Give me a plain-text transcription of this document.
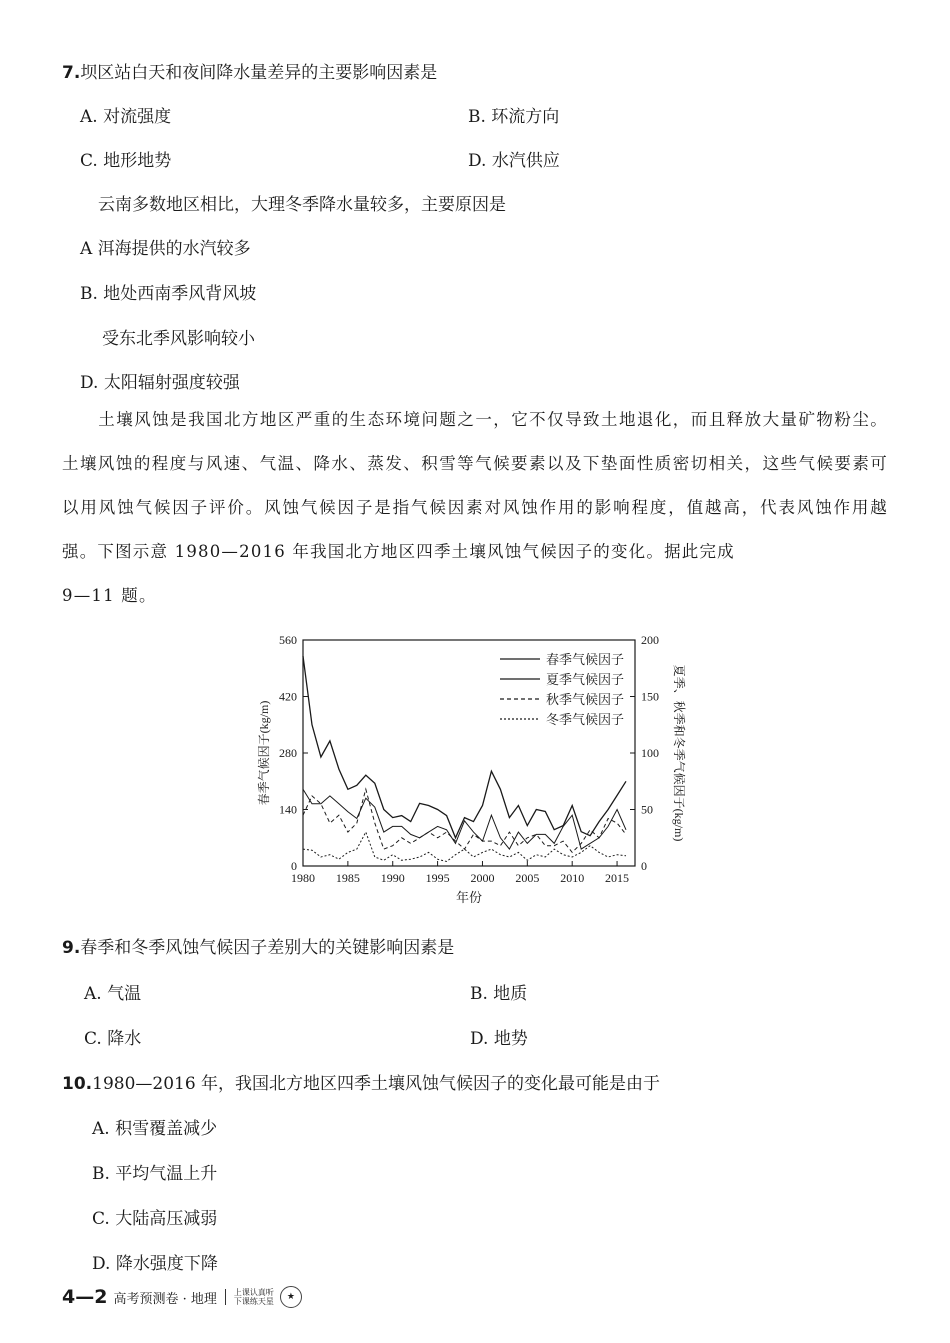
7.坝区站白天和夜间降水量差异的主要影响因素是
A. 对流强度	B. 环流方向
C. 地形地势	D. 水汽供应
云南多数地区相比，大理冬季降水量较多，主要原因是
A 洱海提供的水汽较多
B. 地处西南季风背风坡
受东北季风影响较小
D. 太阳辐射强度较强

土壤风蚀是我国北方地区严重的生态环境问题之一，它不仅导致土地退化，而且释放大量矿物粉尘。土壤风蚀的程度与风速、气温、降水、蒸发、积雪等气候要素以及下垫面性质密切相关，这些气候要素可以用风蚀气候因子评价。风蚀气候因子是指气候因素对风蚀作用的影响程度，值越高，代表风蚀作用越强。下图示意 1980—2016 年我国北方地区四季土壤风蚀气候因子的变化。据此完成

9—11 题。

0
140
280
420
560
0
50
100
150
200
1980 1985 1990 1995 2000 2005 2010 2015
春季气候因子
夏季气候因子
秋季气候因子
冬季气候因子
年份
春季气候因子(kg/m)	夏季、秋季和冬季气候因子(kg/m)
9.春季和冬季风蚀气候因子差别大的关键影响因素是
A. 气温	B. 地质
C. 降水	D. 地势
10.1980—2016 年，我国北方地区四季土壤风蚀气候因子的变化最可能是由于
A. 积雪覆盖减少
B. 平均气温上升
C. 大陆高压减弱
D. 降水强度下降
4—2 高考预测卷 · 地理 上课认真听
下课练天星	★
